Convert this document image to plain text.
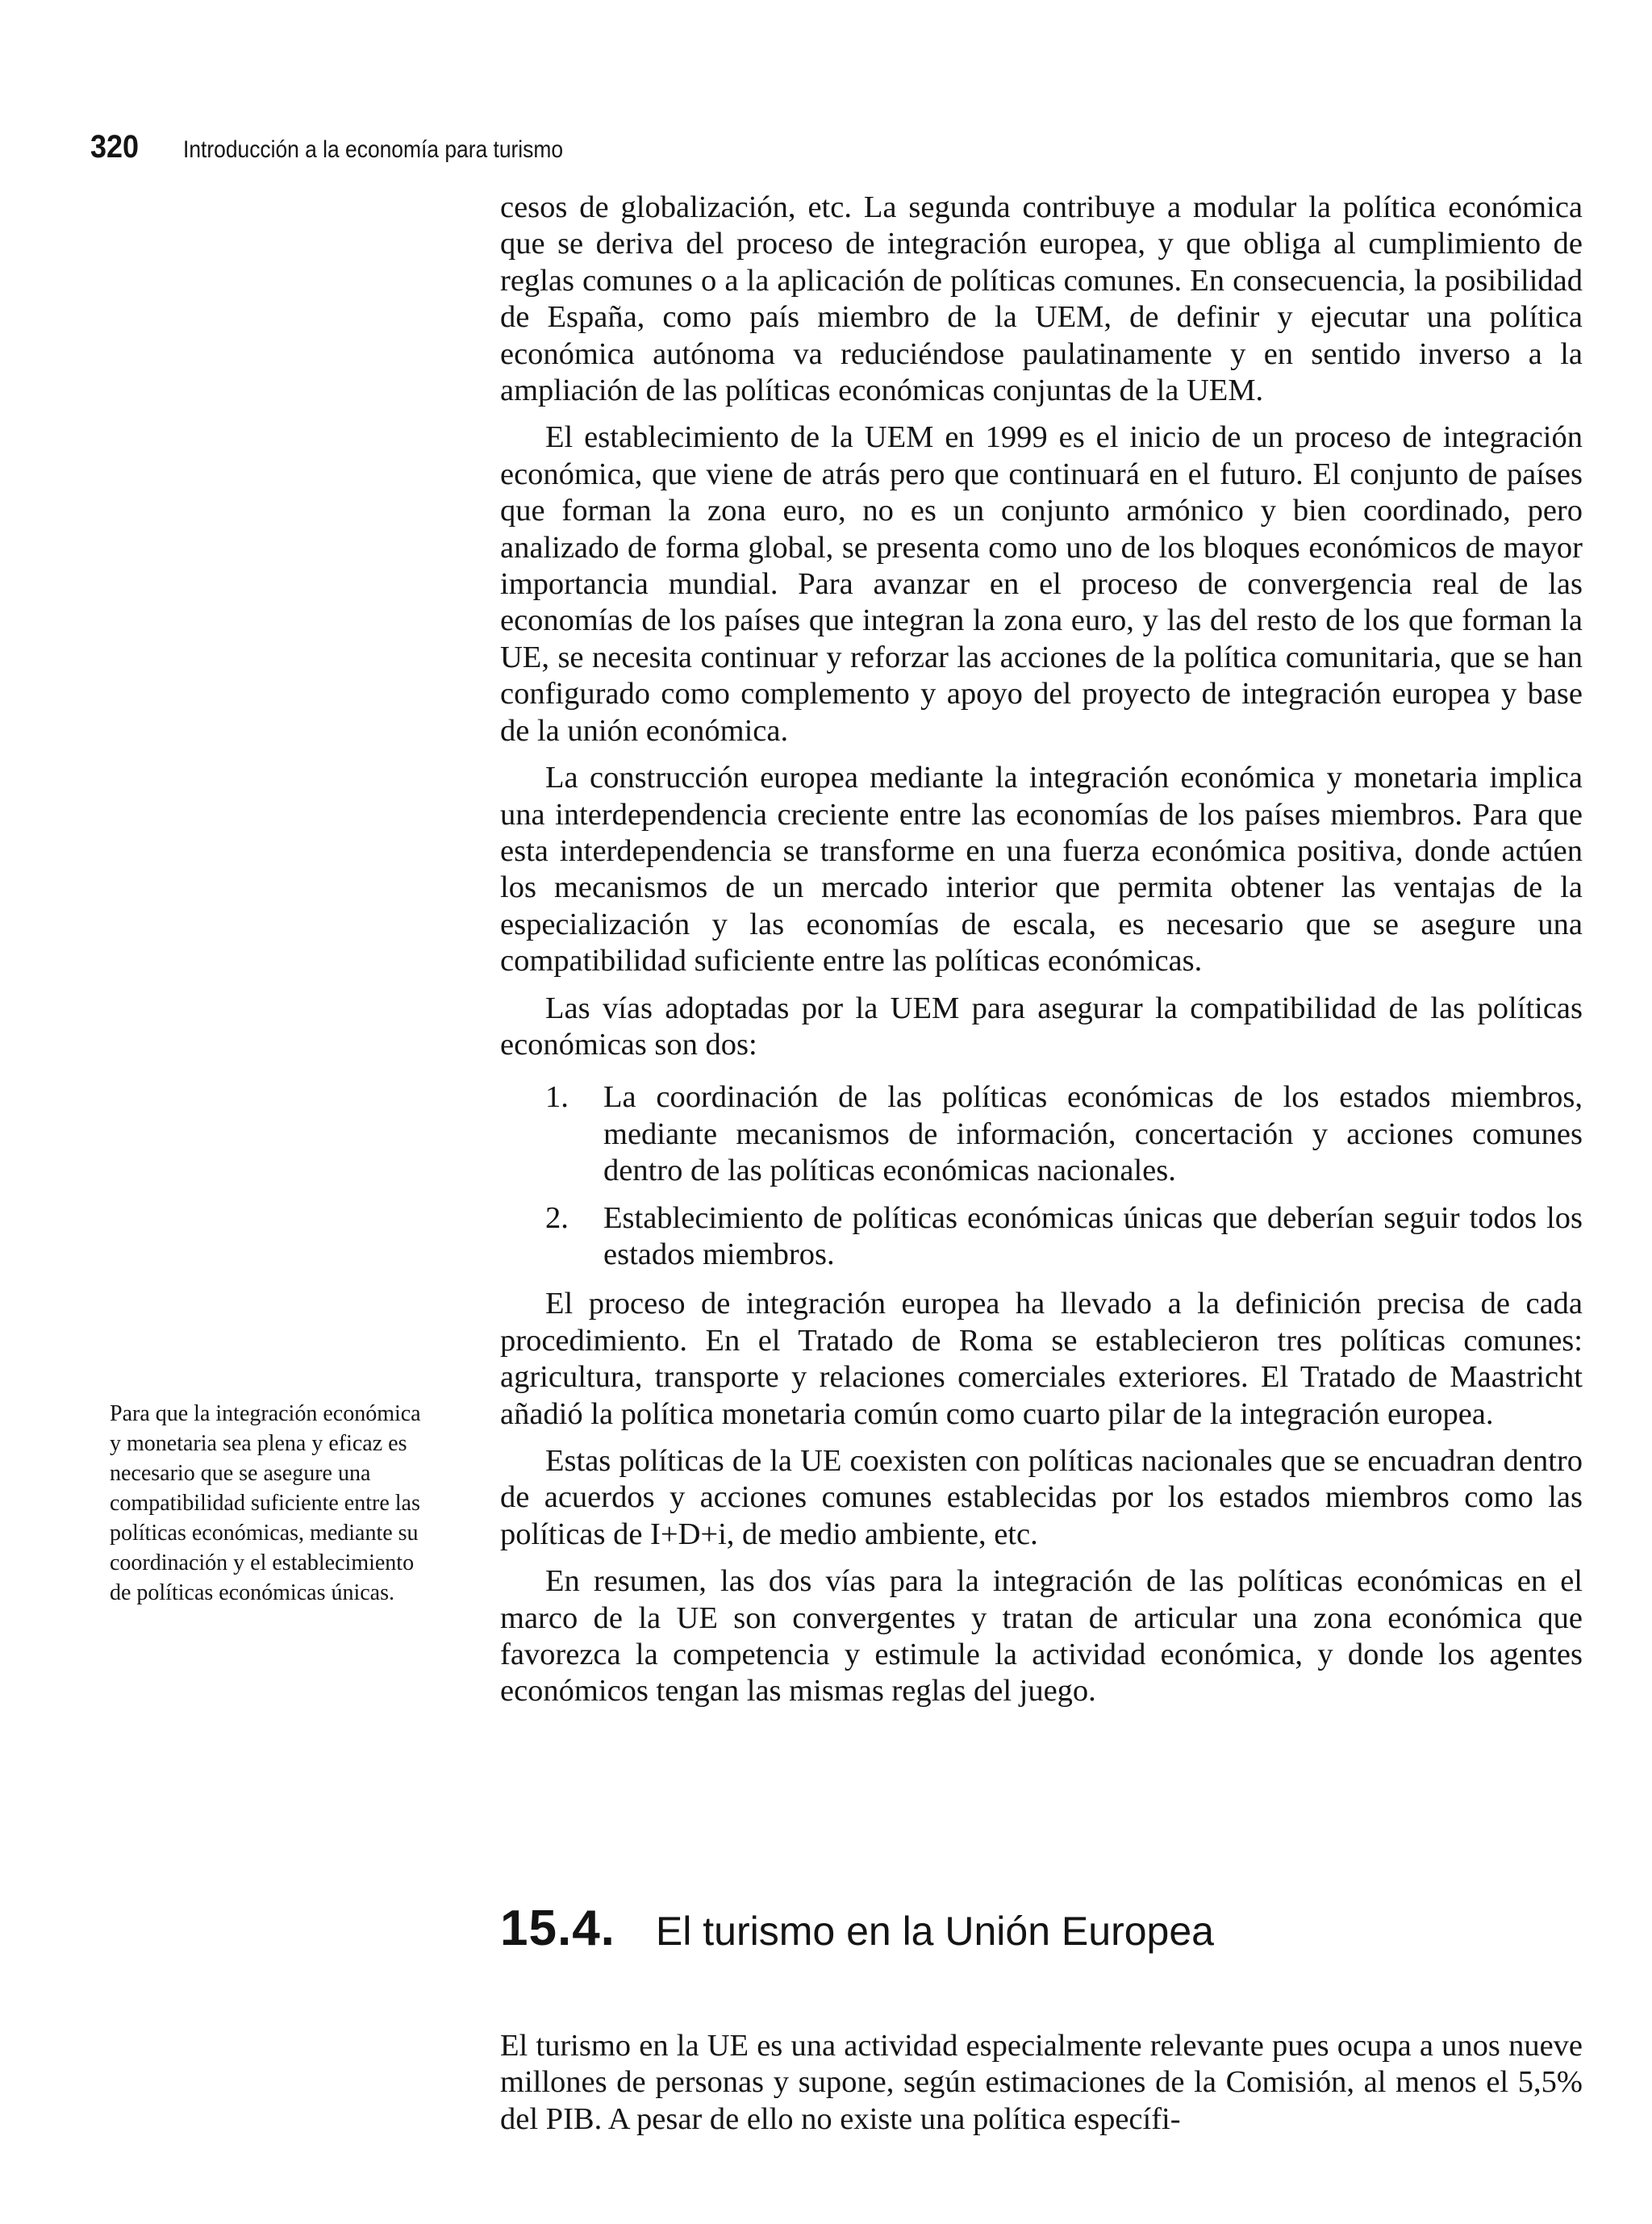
320 Introducción a la economía para turismo

cesos de globalización, etc. La segunda contribuye a modular la política económica que se deriva del proceso de integración europea, y que obliga al cumplimiento de reglas comunes o a la aplicación de políticas comunes. En consecuencia, la posibilidad de España, como país miembro de la UEM, de definir y ejecutar una política económica autónoma va reduciéndose paulatinamente y en sentido inverso a la ampliación de las políticas económicas conjuntas de la UEM.

El establecimiento de la UEM en 1999 es el inicio de un proceso de integración económica, que viene de atrás pero que continuará en el futuro. El conjunto de países que forman la zona euro, no es un conjunto armónico y bien coordinado, pero analizado de forma global, se presenta como uno de los bloques económicos de mayor importancia mundial. Para avanzar en el proceso de convergencia real de las economías de los países que integran la zona euro, y las del resto de los que forman la UE, se necesita continuar y reforzar las acciones de la política comunitaria, que se han configurado como complemento y apoyo del proyecto de integración europea y base de la unión económica.

La construcción europea mediante la integración económica y monetaria implica una interdependencia creciente entre las economías de los países miembros. Para que esta interdependencia se transforme en una fuerza económica positiva, donde actúen los mecanismos de un mercado interior que permita obtener las ventajas de la especialización y las economías de escala, es necesario que se asegure una compatibilidad suficiente entre las políticas económicas.

Las vías adoptadas por la UEM para asegurar la compatibilidad de las políticas económicas son dos:

1.	La coordinación de las políticas económicas de los estados miembros, mediante mecanismos de información, concertación y acciones comunes dentro de las políticas económicas nacionales.
2.	Establecimiento de políticas económicas únicas que deberían seguir todos los estados miembros.

El proceso de integración europea ha llevado a la definición precisa de cada procedimiento. En el Tratado de Roma se establecieron tres políticas comunes: agricultura, transporte y relaciones comerciales exteriores. El Tratado de Maastricht añadió la política monetaria común como cuarto pilar de la integración europea.

Estas políticas de la UE coexisten con políticas nacionales que se encuadran dentro de acuerdos y acciones comunes establecidas por los estados miembros como las políticas de I+D+i, de medio ambiente, etc.

En resumen, las dos vías para la integración de las políticas económicas en el marco de la UE son convergentes y tratan de articular una zona económica que favorezca la competencia y estimule la actividad económica, y donde los agentes económicos tengan las mismas reglas del juego.

Para que la integración económica y monetaria sea plena y eficaz es necesario que se asegure una compatibilidad suficiente entre las políticas económicas, mediante su coordinación y el establecimiento de políticas económicas únicas.
15.4. El turismo en la Unión Europea

El turismo en la UE es una actividad especialmente relevante pues ocupa a unos nueve millones de personas y supone, según estimaciones de la Comisión, al menos el 5,5% del PIB. A pesar de ello no existe una política específi-
